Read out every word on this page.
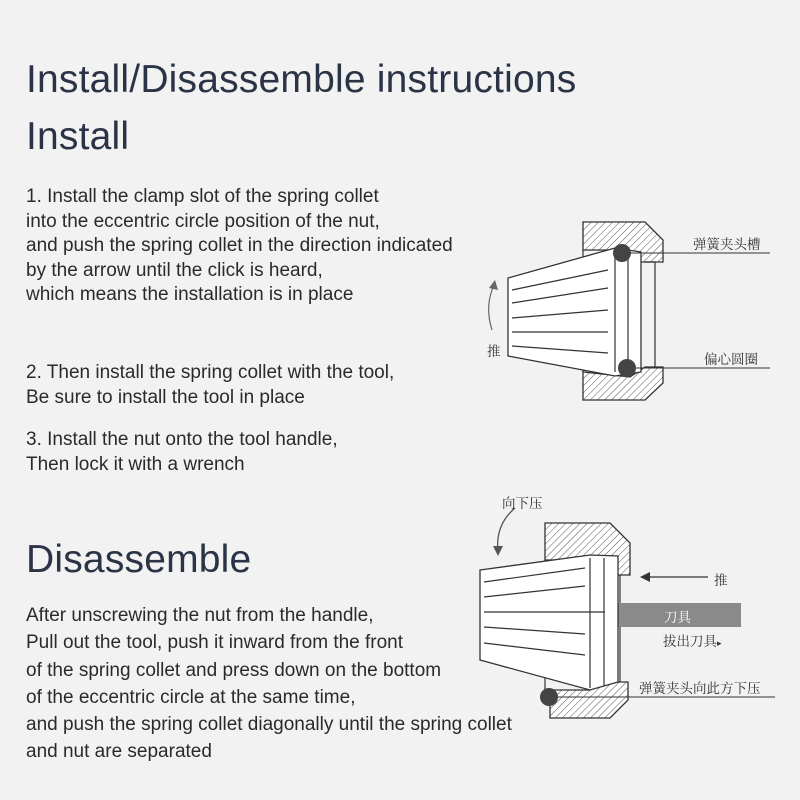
Install/Disassemble instructions
Install
1. Install the clamp slot of the spring collet
into the eccentric circle position of the nut,
and push the spring collet in the direction indicated
by the arrow until the click is heard,
which means the installation is in place
2. Then install the spring collet with the tool,
Be sure to install the tool in place
3. Install the nut onto the tool handle,
Then lock it with a wrench
Disassemble
After unscrewing the nut from the handle,
Pull out the tool, push it inward from the front
of the spring collet and press down on the bottom
of the eccentric circle at the same time,
and push the spring collet diagonally until the spring collet
and nut are separated
弹簧夹头槽
推
偏心圆圈
向下压
推
刀具
拔出刀具▸
弹簧夹头向此方下压
